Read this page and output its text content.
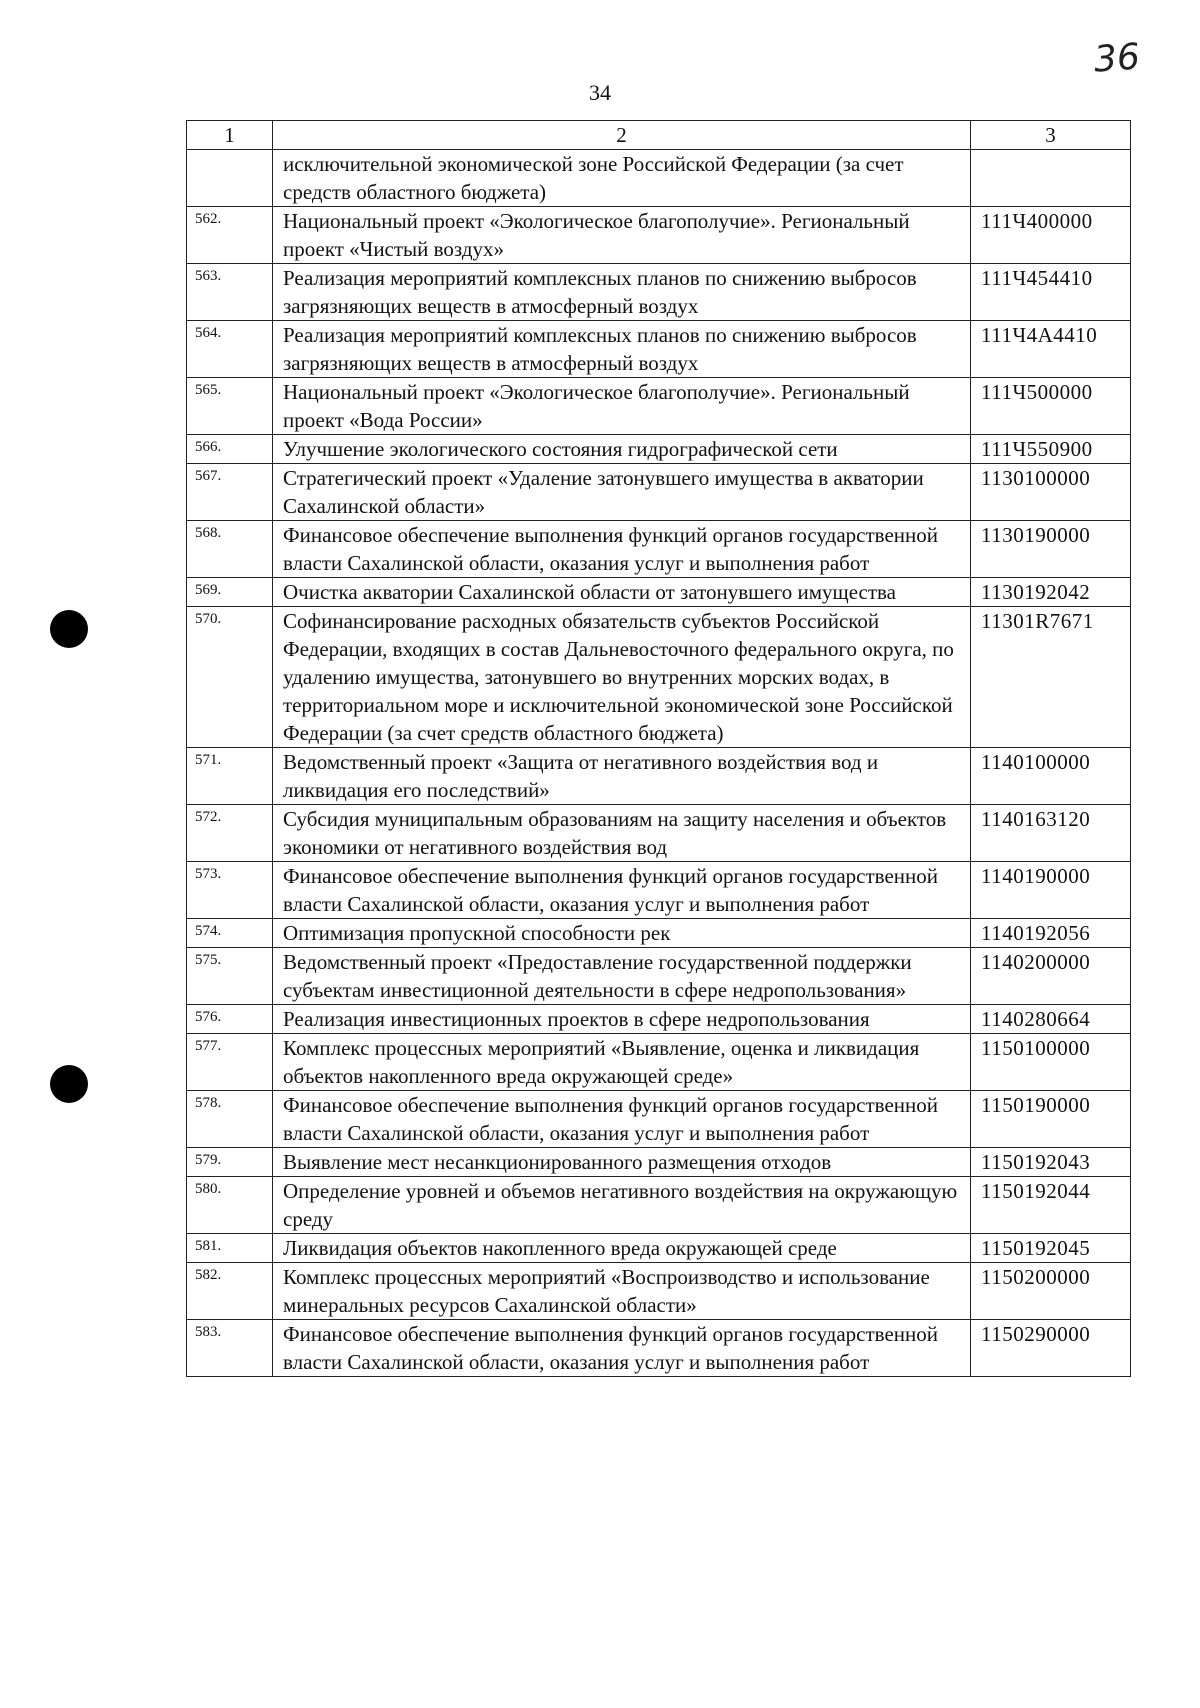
34
36
1	2	3
	исключительной экономической зоне Российской Федерации (за счет средств областного бюджета)	
562.	Национальный проект «Экологическое благополучие». Региональный проект «Чистый воздух»	111Ч400000
563.	Реализация мероприятий комплексных планов по снижению выбросов загрязняющих веществ в атмосферный воздух	111Ч454410
564.	Реализация мероприятий комплексных планов по снижению выбросов загрязняющих веществ в атмосферный воздух	111Ч4А4410
565.	Национальный проект «Экологическое благополучие». Региональный проект «Вода России»	111Ч500000
566.	Улучшение экологического состояния гидрографической сети	111Ч550900
567.	Стратегический проект «Удаление затонувшего имущества в акватории Сахалинской области»	1130100000
568.	Финансовое обеспечение выполнения функций органов государственной власти Сахалинской области, оказания услуг и выполнения работ	1130190000
569.	Очистка акватории Сахалинской области от затонувшего имущества	1130192042
570.	Софинансирование расходных обязательств субъектов Российской Федерации, входящих в состав Дальневосточного федерального округа, по удалению имущества, затонувшего во внутренних морских водах, в территориальном море и исключительной экономической зоне Российской Федерации (за счет средств областного бюджета)	11301R7671
571.	Ведомственный проект «Защита от негативного воздействия вод и ликвидация его последствий»	1140100000
572.	Субсидия муниципальным образованиям на защиту населения и объектов экономики от негативного воздействия вод	1140163120
573.	Финансовое обеспечение выполнения функций органов государственной власти Сахалинской области, оказания услуг и выполнения работ	1140190000
574.	Оптимизация пропускной способности рек	1140192056
575.	Ведомственный проект «Предоставление государственной поддержки субъектам инвестиционной деятельности в сфере недропользования»	1140200000
576.	Реализация инвестиционных проектов в сфере недропользования	1140280664
577.	Комплекс процессных мероприятий «Выявление, оценка и ликвидация объектов накопленного вреда окружающей среде»	1150100000
578.	Финансовое обеспечение выполнения функций органов государственной власти Сахалинской области, оказания услуг и выполнения работ	1150190000
579.	Выявление мест несанкционированного размещения отходов	1150192043
580.	Определение уровней и объемов негативного воздействия на окружающую среду	1150192044
581.	Ликвидация объектов накопленного вреда окружающей среде	1150192045
582.	Комплекс процессных мероприятий «Воспроизводство и использование минеральных ресурсов Сахалинской области»	1150200000
583.	Финансовое обеспечение выполнения функций органов государственной власти Сахалинской области, оказания услуг и выполнения работ	1150290000
